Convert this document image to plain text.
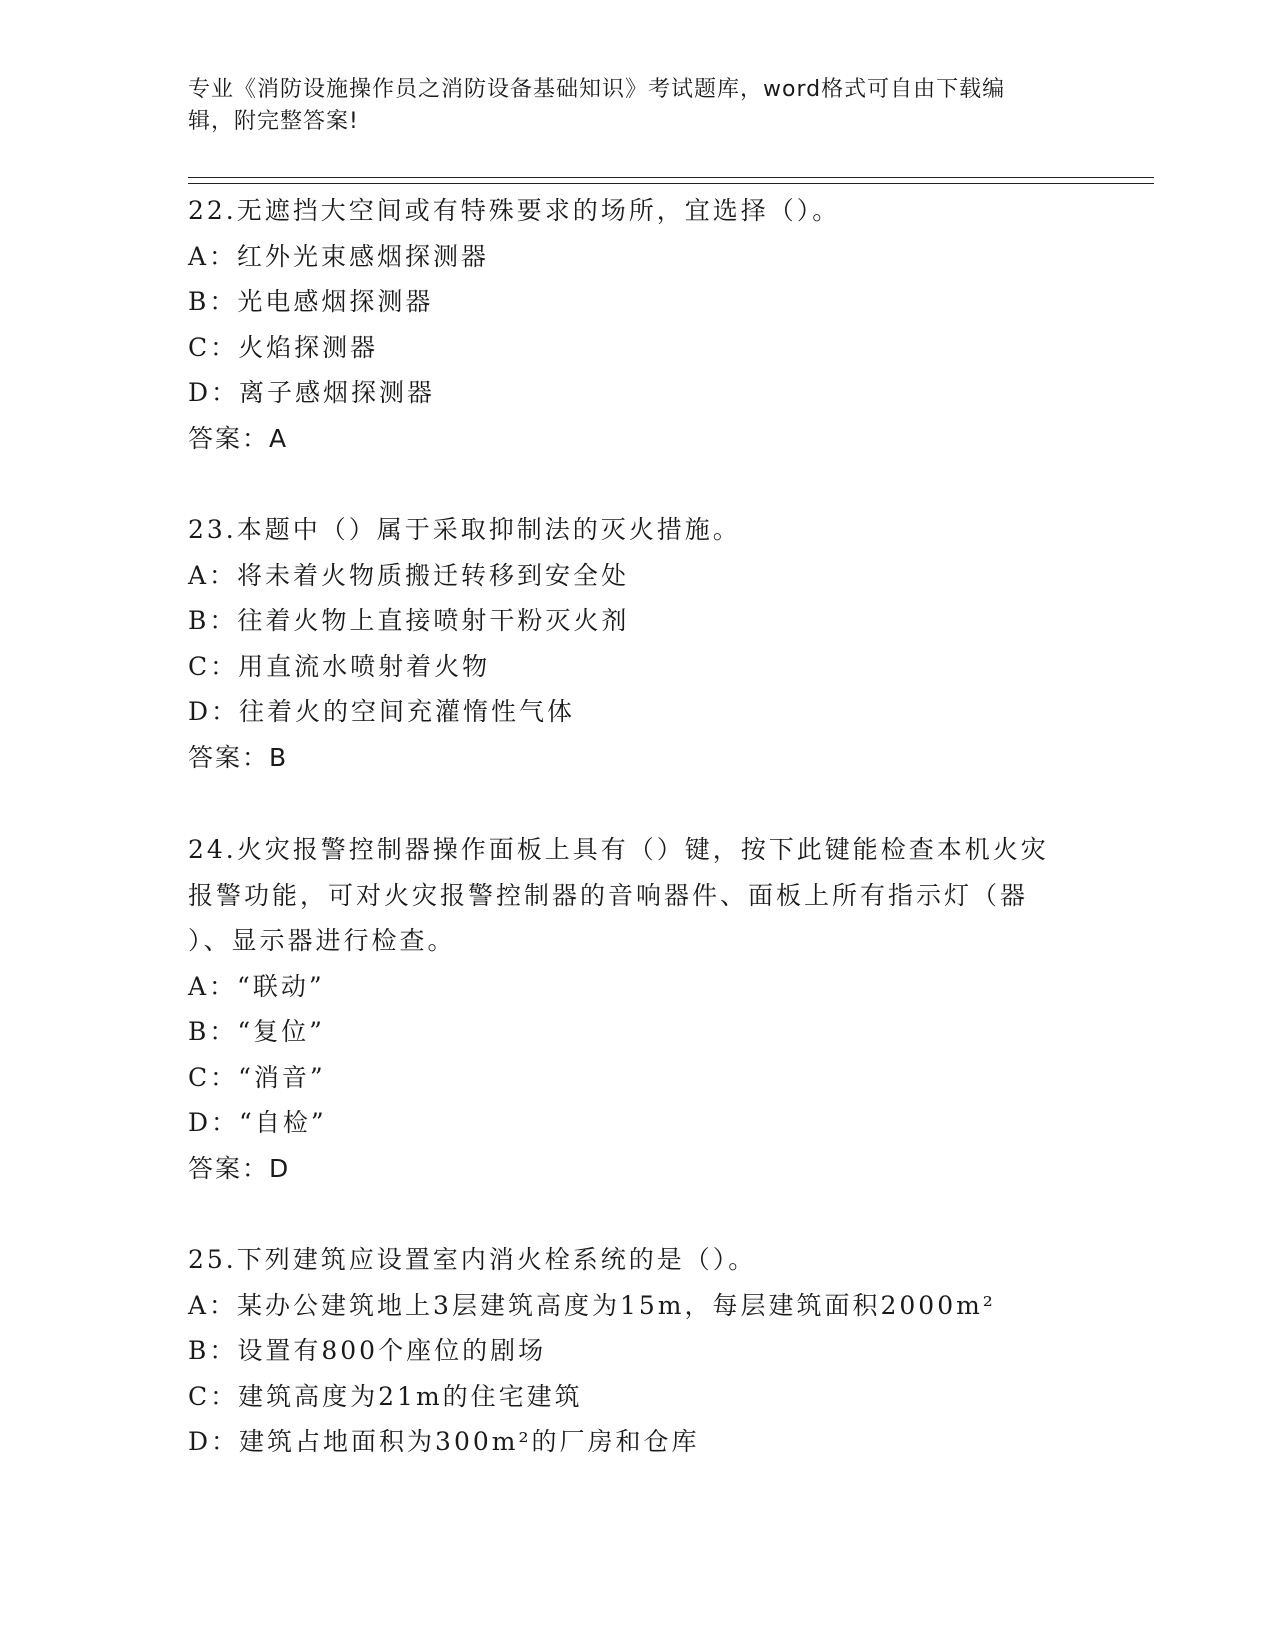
专业《消防设施操作员之消防设备基础知识》考试题库，word格式可自由下载编
辑，附完整答案!
22.无遮挡大空间或有特殊要求的场所，宜选择（）。
A：红外光束感烟探测器
B：光电感烟探测器
C：火焰探测器
D：离子感烟探测器
答案：A
23.本题中（）属于采取抑制法的灭火措施。
A：将未着火物质搬迁转移到安全处
B：往着火物上直接喷射干粉灭火剂
C：用直流水喷射着火物
D：往着火的空间充灌惰性气体
答案：B
24.火灾报警控制器操作面板上具有（）键，按下此键能检查本机火灾
报警功能，可对火灾报警控制器的音响器件、面板上所有指示灯（器
）、显示器进行检查。
A：“联动”
B：“复位”
C：“消音”
D：“自检”
答案：D
25.下列建筑应设置室内消火栓系统的是（）。
A：某办公建筑地上3层建筑高度为15m，每层建筑面积2000m²
B：设置有800个座位的剧场
C：建筑高度为21m的住宅建筑
D：建筑占地面积为300m²的厂房和仓库
